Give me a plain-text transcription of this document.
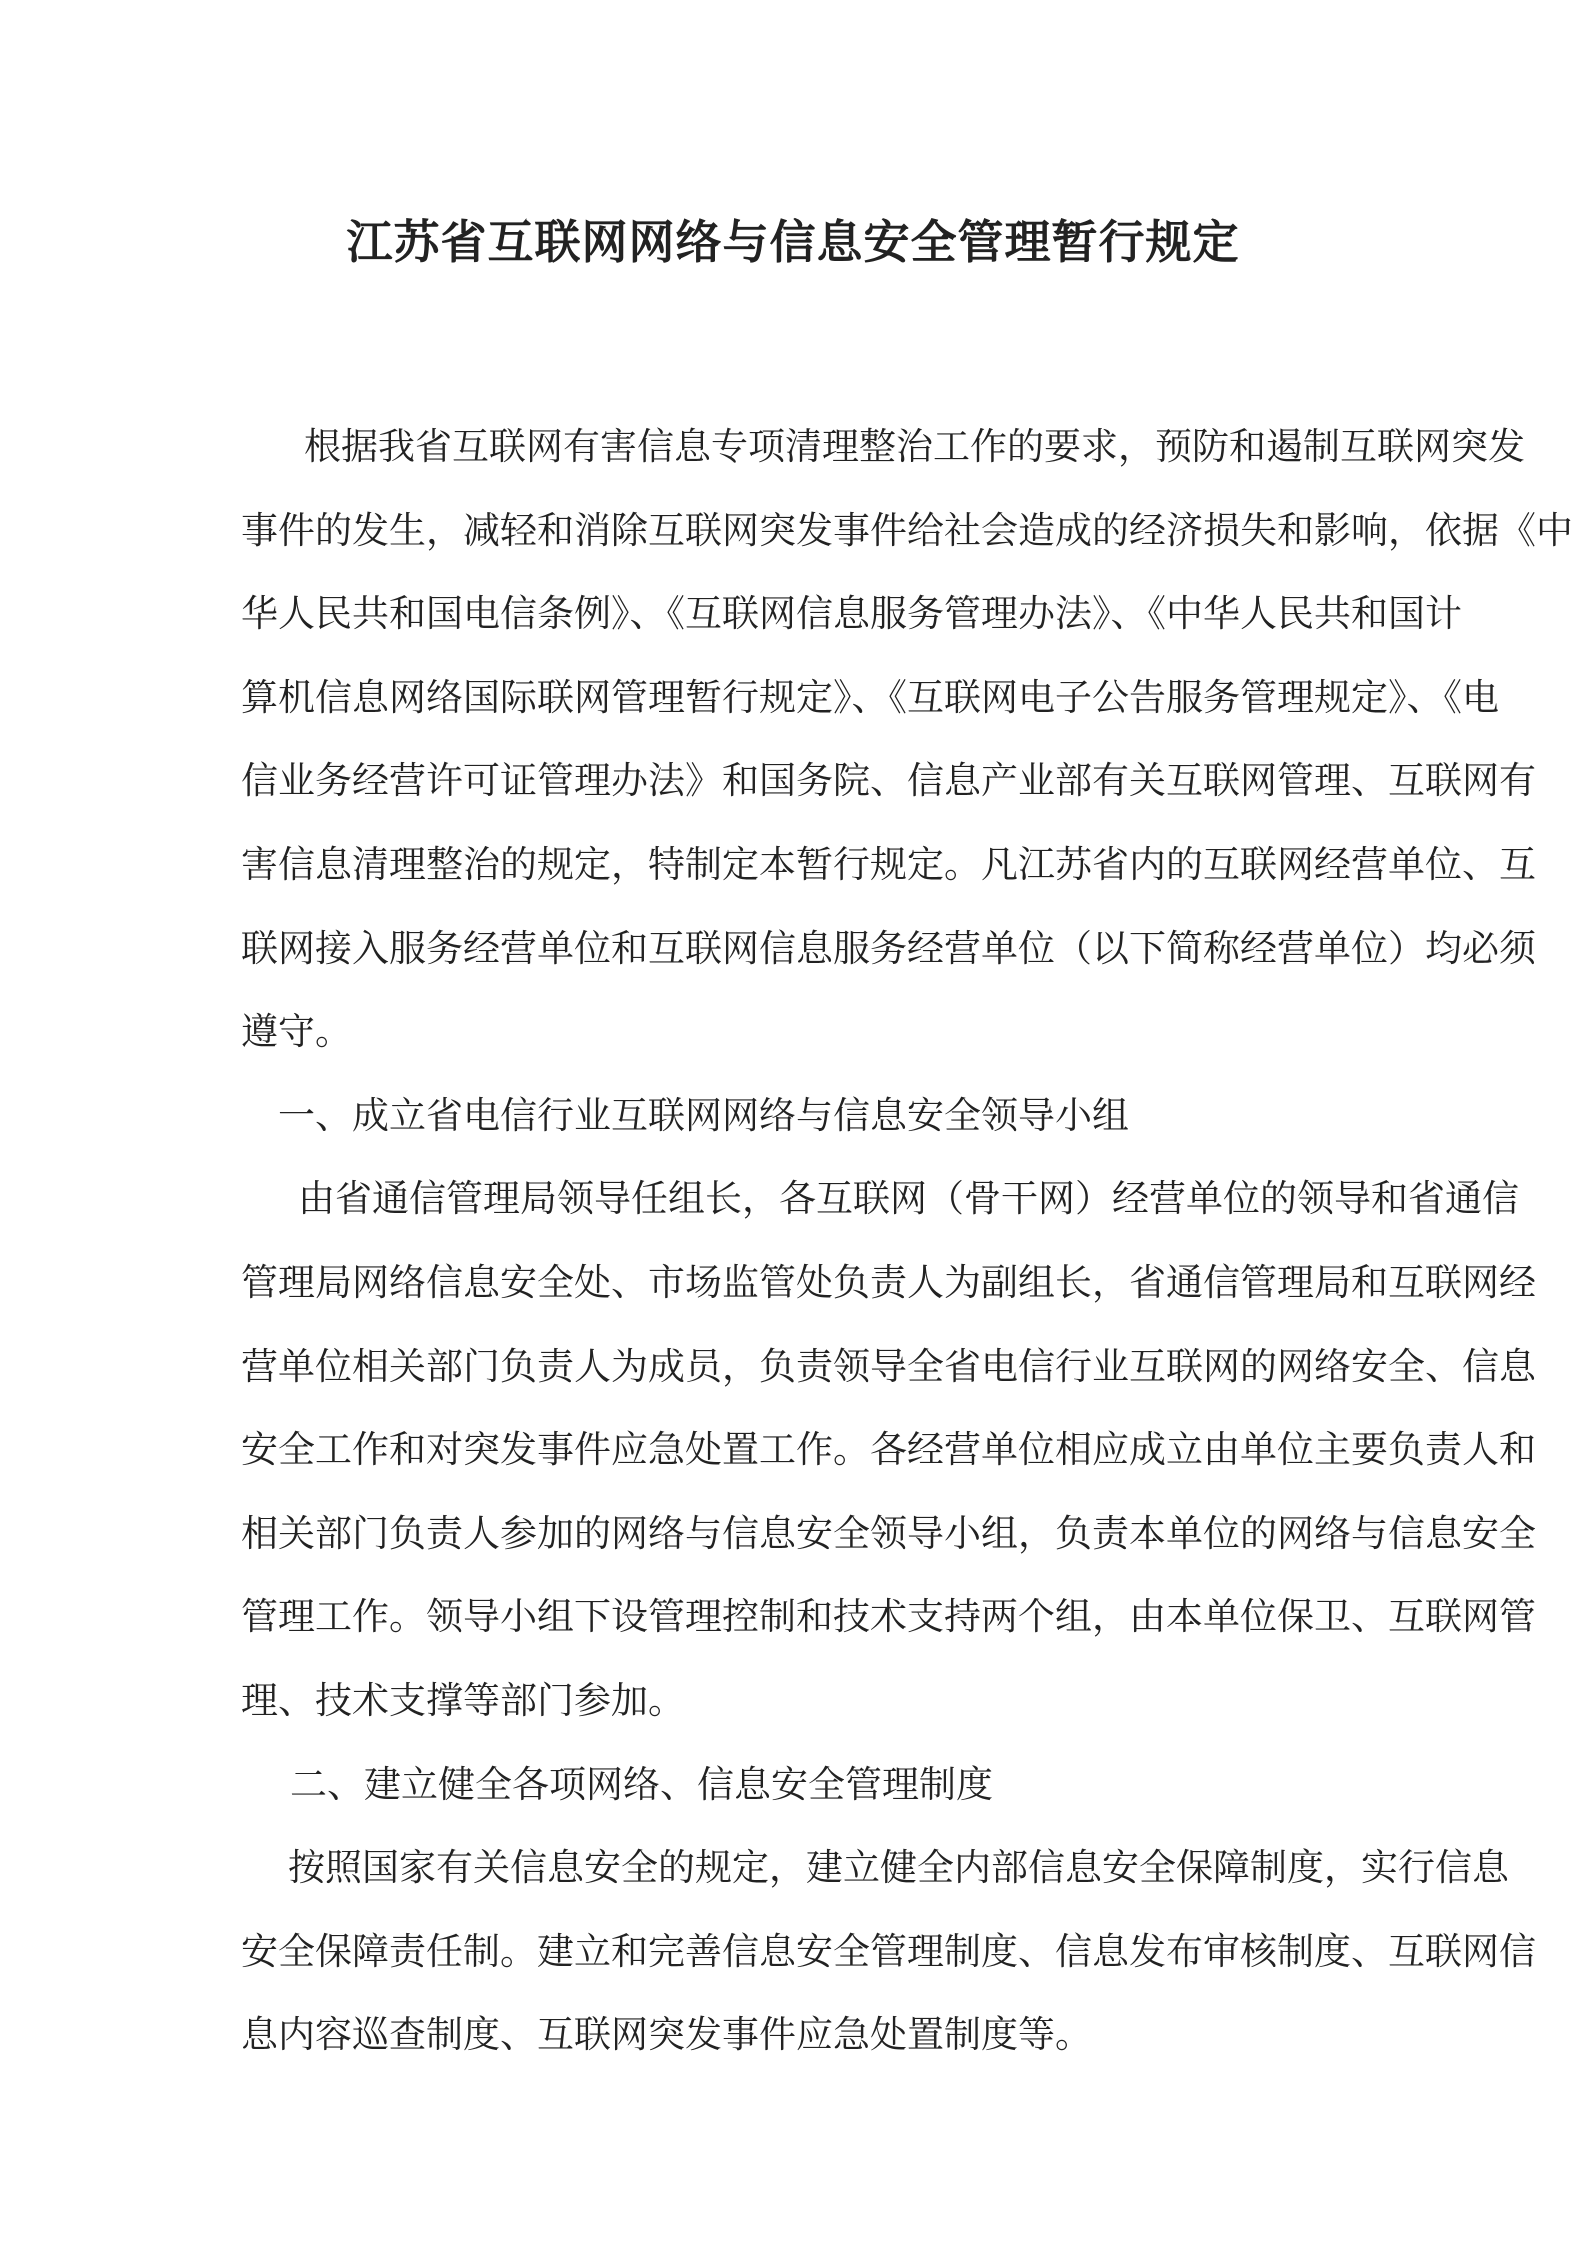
江苏省互联网网络与信息安全管理暂行规定
根据我省互联网有害信息专项清理整治工作的要求，预防和遏制互联网突发
事件的发生，减轻和消除互联网突发事件给社会造成的经济损失和影响，依据《中
华人民共和国电信条例》、《互联网信息服务管理办法》、《中华人民共和国计
算机信息网络国际联网管理暂行规定》、《互联网电子公告服务管理规定》、《电
信业务经营许可证管理办法》和国务院、信息产业部有关互联网管理、互联网有
害信息清理整治的规定，特制定本暂行规定。凡江苏省内的互联网经营单位、互
联网接入服务经营单位和互联网信息服务经营单位（以下简称经营单位）均必须
遵守。
一、成立省电信行业互联网网络与信息安全领导小组
由省通信管理局领导任组长，各互联网（骨干网）经营单位的领导和省通信
管理局网络信息安全处、市场监管处负责人为副组长，省通信管理局和互联网经
营单位相关部门负责人为成员，负责领导全省电信行业互联网的网络安全、信息
安全工作和对突发事件应急处置工作。各经营单位相应成立由单位主要负责人和
相关部门负责人参加的网络与信息安全领导小组，负责本单位的网络与信息安全
管理工作。领导小组下设管理控制和技术支持两个组，由本单位保卫、互联网管
理、技术支撑等部门参加。
二、建立健全各项网络、信息安全管理制度
按照国家有关信息安全的规定，建立健全内部信息安全保障制度，实行信息
安全保障责任制。建立和完善信息安全管理制度、信息发布审核制度、互联网信
息内容巡查制度、互联网突发事件应急处置制度等。
